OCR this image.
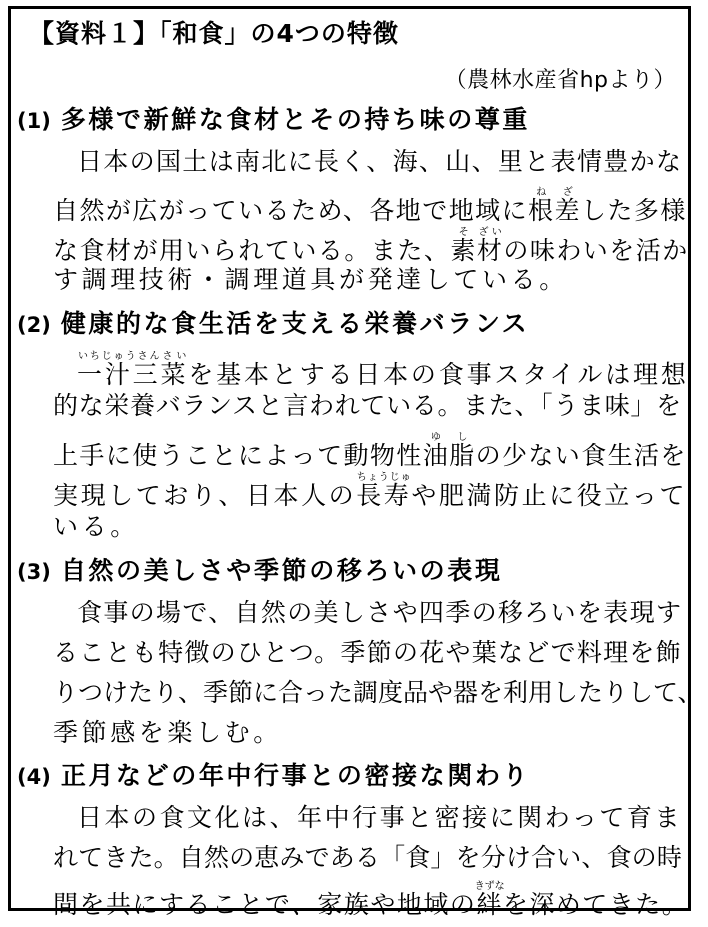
【資料１】「和食」の4つの特徴
（農林水産省hpより）
(1) 多様で新鮮な食材とその持ち味の尊重
日本の国土は南北に長く、海、山、里と表情豊かな
自然が広がっているため、各地で地域に根ね差ざした多様
な食材が用いられている。また、素そ材ざいの味わいを活か
す調理技術・調理道具が発達している。
(2) 健康的な食生活を支える栄養バランス
一汁三いちじゅうさん菜さいを基本とする日本の食事スタイルは理想
的な栄養バランスと言われている。また、「うま味」を
上手に使うことによって動物性油ゆ脂しの少ない食生活を
実現しており、日本人の長寿ちょうじゅや肥満防止に役立って
いる。
(3) 自然の美しさや季節の移ろいの表現
食事の場で、自然の美しさや四季の移ろいを表現す
ることも特徴のひとつ。季節の花や葉などで料理を飾
りつけたり、季節に合った調度品や器を利用したりして、
季節感を楽しむ。
(4) 正月などの年中行事との密接な関わり
日本の食文化は、年中行事と密接に関わって育ま
れてきた。自然の恵みである「食」を分け合い、食の時
間を共にすることで、家族や地域の絆きずなを深めてきた。
